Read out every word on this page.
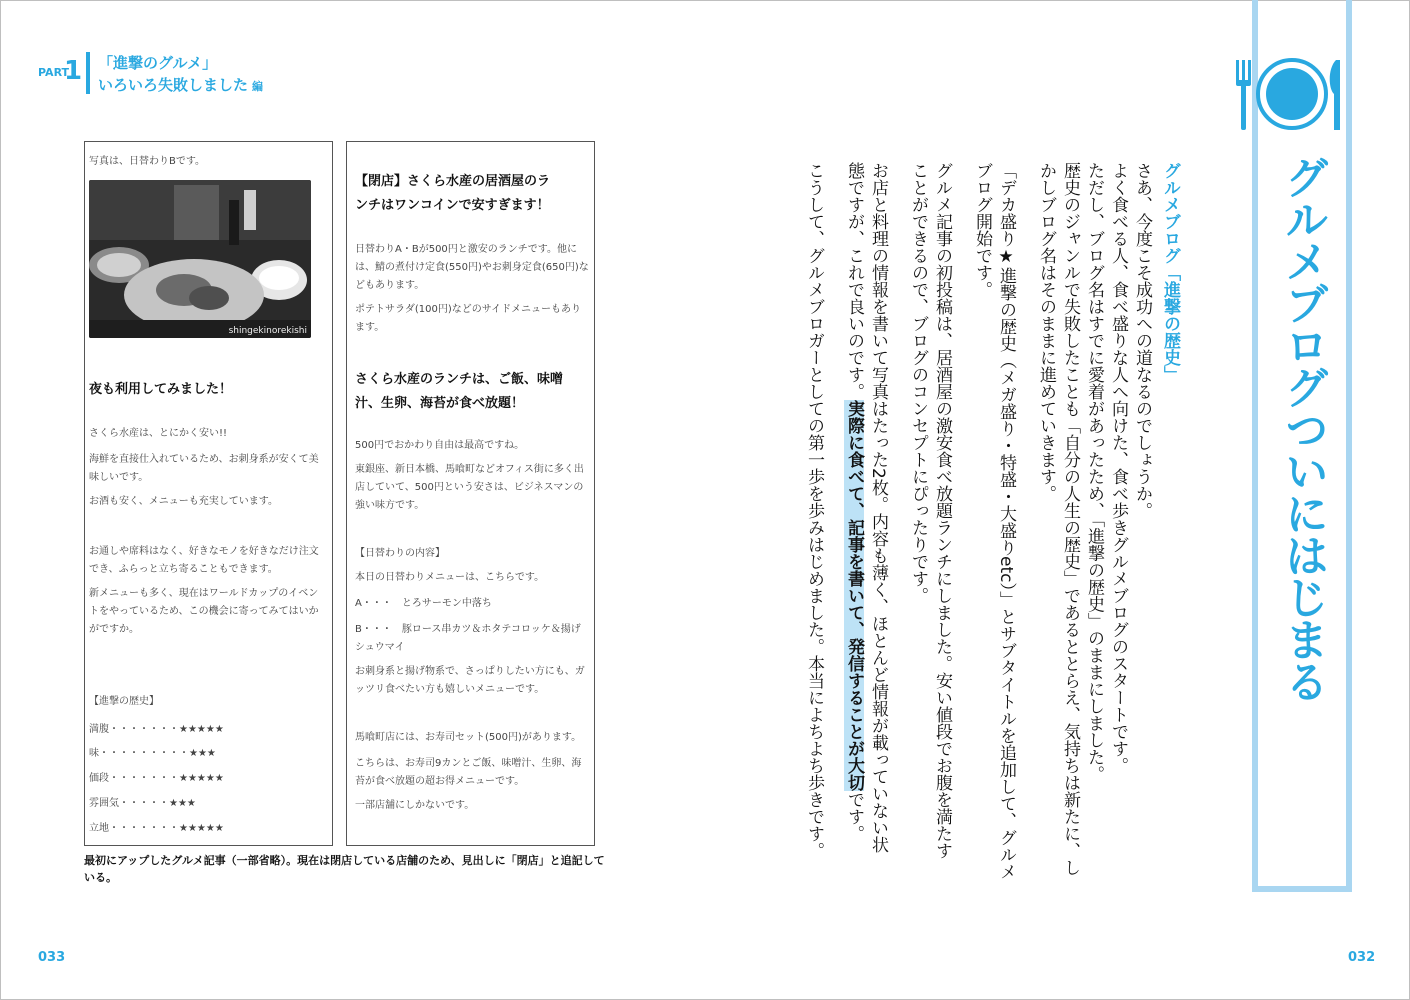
PART
1 「進撃のグルメ」
いろいろ失敗しました 編
写真は、日替わりBです。
shingekinorekishi
夜も利用してみました！
さくら水産は、とにかく安い!!
海鮮を直接仕入れているため、お刺身系が安くて美
味しいです。
お酒も安く、メニューも充実しています。
お通しや席料はなく、好きなモノを好きなだけ注文
でき、ふらっと立ち寄ることもできます。
新メニューも多く、現在はワールドカップのイベン
トをやっているため、この機会に寄ってみてはいか
がですか。
【進撃の歴史】
満腹・・・・・・・★★★★★
味・・・・・・・・・★★★
価段・・・・・・・★★★★★
雰囲気・・・・・★★★
立地・・・・・・・★★★★★
【閉店】さくら水産の居酒屋のラ
ンチはワンコインで安すぎます！
日替わりA・Bが500円と激安のランチです。他に
は、鯖の煮付け定食(550円)やお刺身定食(650円)な
どもあります。
ポテトサラダ(100円)などのサイドメニューもあり
ます。
さくら水産のランチは、ご飯、味噌
汁、生卵、海苔が食べ放題！
500円でおかわり自由は最高ですね。
東銀座、新日本橋、馬喰町などオフィス街に多く出
店していて、500円という安さは、ビジネスマンの
強い味方です。
【日替わりの内容】
本日の日替わりメニューは、こちらです。
A・・・　とろサーモン中落ち
B・・・　豚ロース串カツ＆ホタテコロッケ＆揚げ
シュウマイ
お刺身系と揚げ物系で、さっぱりしたい方にも、ガ
ッツリ食べたい方も嬉しいメニューです。
馬喰町店には、お寿司セット(500円)があります。
こちらは、お寿司9カンとご飯、味噌汁、生卵、海
苔が食べ放題の超お得メニューです。
一部店舗にしかないです。
最初にアップしたグルメ記事（一部省略）。現在は閉店している店舗のため、見出しに「閉店」と追記している。
033	032
グルメブログついにはじまる
グルメブログ「進撃の歴史」
さあ、今度こそ成功への道なるのでしょうか。
よく食べる人、食べ盛りな人へ向けた、食べ歩きグルメブログのスタートです。
ただし、ブログ名はすでに愛着があったため、「進撃の歴史」のままにしました。
歴史のジャンルで失敗したことも「自分の人生の歴史」であるととらえ、気持ちは新たに、し
かしブログ名はそのままに進めていきます。
「デカ盛り★進撃の歴史（メガ盛り・特盛・大盛りetc）」とサブタイトルを追加して、グルメ
ブログ開始です。
グルメ記事の初投稿は、居酒屋の激安食べ放題ランチにしました。安い値段でお腹を満たす
ことができるので、ブログのコンセプトにぴったりです。
お店と料理の情報を書いて写真はたった2枚。内容も薄く、ほとんど情報が載っていない状
態ですが、これで良いのです。実際に食べて、記事を書いて、発信することが大切です。
こうして、グルメブロガーとしての第一歩を歩みはじめました。本当によちよち歩きです。
